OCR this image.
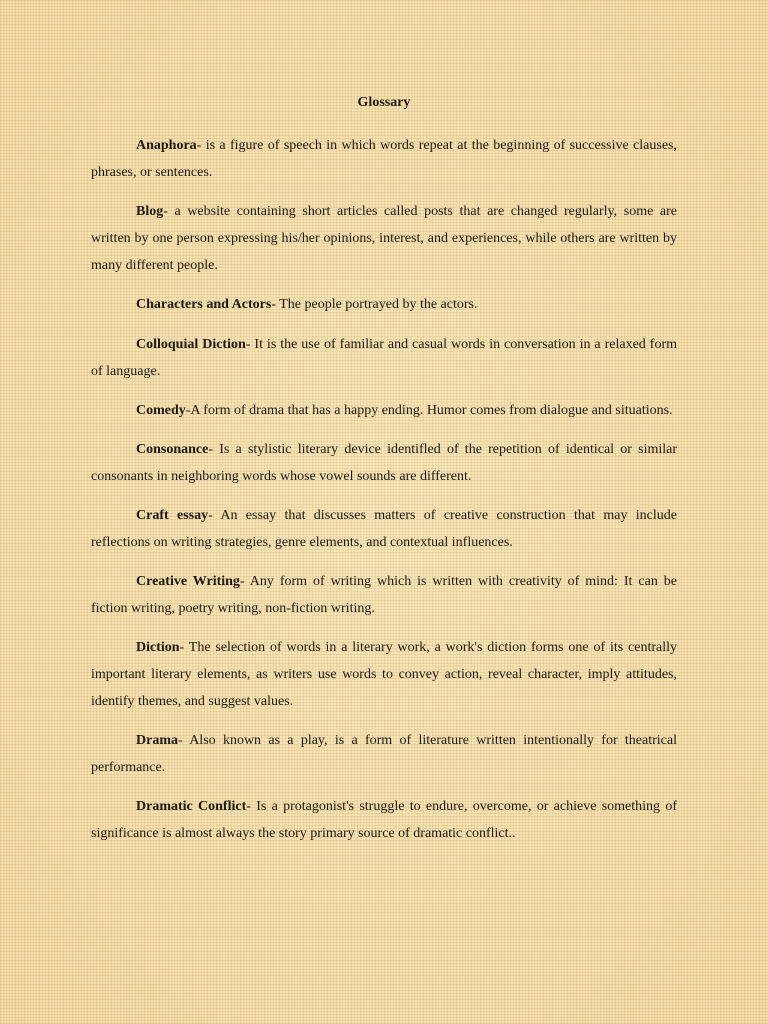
Glossary

Anaphora- is a figure of speech in which words repeat at the beginning of successive clauses, phrases, or sentences.

Blog- a website containing short articles called posts that are changed regularly, some are written by one person expressing his/her opinions, interest, and experiences, while others are written by many different people.

Characters and Actors- The people portrayed by the actors.

Colloquial Diction- It is the use of familiar and casual words in conversation in a relaxed form of language.

Comedy-A form of drama that has a happy ending. Humor comes from dialogue and situations.

Consonance- Is a stylistic literary device identifled of the repetition of identical or similar consonants in neighboring words whose vowel sounds are different.

Craft essay- An essay that discusses matters of creative construction that may include reflections on writing strategies, genre elements, and contextual influences.

Creative Writing- Any form of writing which is written with creativity of mind: It can be fiction writing, poetry writing, non-fiction writing.

Diction- The selection of words in a literary work, a work's diction forms one of its centrally important literary elements, as writers use words to convey action, reveal character, imply attitudes, identify themes, and suggest values.

Drama- Also known as a play, is a form of literature written intentionally for theatrical performance.

Dramatic Conflict- Is a protagonist's struggle to endure, overcome, or achieve something of significance is almost always the story primary source of dramatic conflict..
